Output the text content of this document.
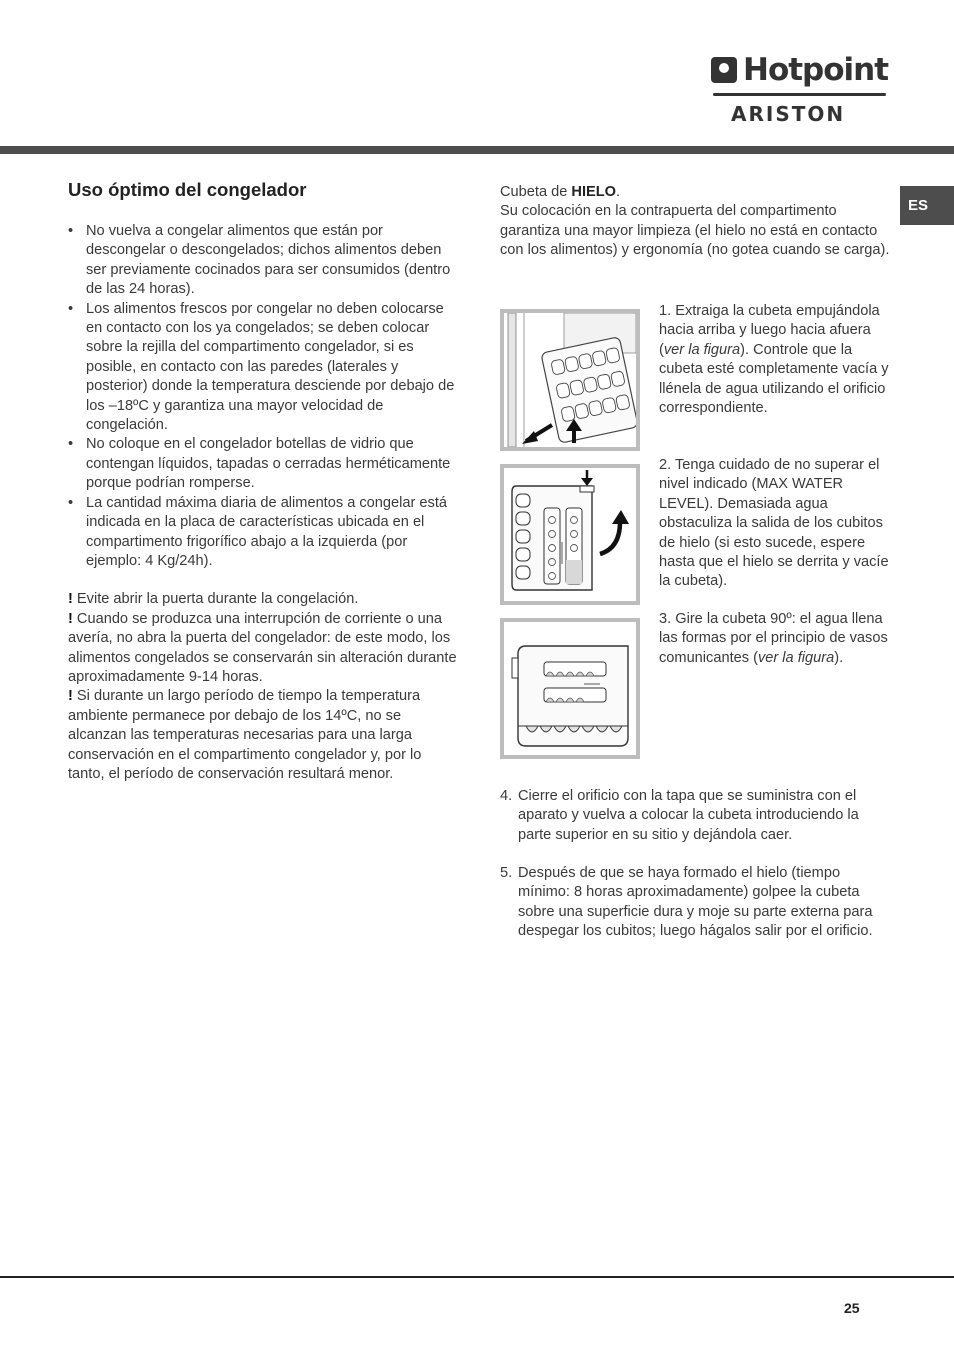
Hotpoint
ARISTON
ES
Uso óptimo del congelador
• No vuelva a congelar alimentos que están por descongelar o descongelados; dichos alimentos deben ser previamente cocinados para ser consumidos (dentro de las 24 horas).
• Los alimentos frescos por congelar no deben colocarse en contacto con los ya congelados; se deben colocar sobre la rejilla del compartimento congelador, si es posible, en contacto con las paredes (laterales y posterior) donde la temperatura desciende por debajo de los –18ºC y garantiza una mayor velocidad de congelación.
• No coloque en el congelador botellas de vidrio que contengan líquidos, tapadas o cerradas herméticamente porque podrían romperse.
• La cantidad máxima diaria de alimentos a congelar está indicada en la placa de características ubicada en el compartimento frigorífico abajo a la izquierda (por ejemplo: 4 Kg/24h).

! Evite abrir la puerta durante la congelación.

! Cuando se produzca una interrupción de corriente o una avería, no abra la puerta del congelador: de este modo, los alimentos congelados se conservarán sin alteración durante aproximadamente 9-14 horas.

! Si durante un largo período de tiempo la temperatura ambiente permanece por debajo de los 14ºC, no se alcanzan las temperaturas necesarias para una larga conservación en el compartimento congelador y, por lo tanto, el período de conservación resultará menor.

Cubeta de HIELO.

Su colocación en la contrapuerta del compartimento garantiza una mayor limpieza (el hielo no está en contacto con los alimentos) y ergonomía (no gotea cuando se carga).

1. Extraiga la cubeta empujándola hacia arriba y luego hacia afuera (ver la figura). Controle que la cubeta esté completamente vacía y llénela de agua utilizando el orificio correspondiente.

2. Tenga cuidado de no superar el nivel indicado (MAX WATER LEVEL). Demasiada agua obstaculiza la salida de los cubitos de hielo (si esto sucede, espere hasta que el hielo se derrita y vacíe la cubeta).

3. Gire la cubeta 90º: el agua llena las formas por el principio de vasos comunicantes (ver la figura).

4. Cierre el orificio con la tapa que se suministra con el aparato y vuelva a colocar la cubeta introduciendo la parte superior en su sitio y dejándola caer.
5. Después de que se haya formado el hielo (tiempo mínimo: 8 horas aproximadamente) golpee la cubeta sobre una superficie dura y moje su parte externa para despegar los cubitos; luego hágalos salir por el orificio.
25
